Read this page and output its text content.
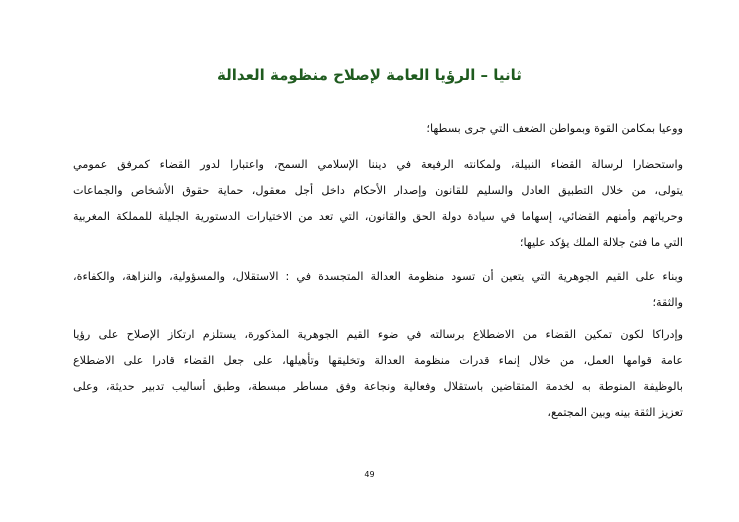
ثانيا – الرؤيا العامة لإصلاح منظومة العدالة

ووعيا بمكامن القوة وبمواطن الضعف التي جرى بسطها؛

واستحضارا لرسالة القضاء النبيلة، ولمكانته الرفيعة في ديننا الإسلامي السمح، واعتبارا لدور القضاء كمرفق عمومي
يتولى، من خلال التطبيق العادل والسليم للقانون وإصدار الأحكام داخل أجل معقول، حماية حقوق الأشخاص والجماعات
وحرياتهم وأمنهم القضائي، إسهاما في سيادة دولة الحق والقانون، التي تعد من الاختيارات الدستورية الجليلة للمملكة المغربية
التي ما فتئ جلالة الملك يؤكد عليها؛

وبناء على القيم الجوهرية التي يتعين أن تسود منظومة العدالة المتجسدة في : الاستقلال، والمسؤولية، والنزاهة، والكفاءة،
والثقة؛

وإدراكا لكون تمكين القضاء من الاضطلاع برسالته في ضوء القيم الجوهرية المذكورة، يستلزم ارتكاز الإصلاح على رؤيا
عامة قوامها العمل، من خلال إنماء قدرات منظومة العدالة وتخليقها وتأهيلها، على جعل القضاء قادرا على الاضطلاع
بالوظيفة المنوطة به لخدمة المتقاضين باستقلال وفعالية ونجاعة وفق مساطر مبسطة، وطبق أساليب تدبير حديثة، وعلى
تعزيز الثقة بينه وبين المجتمع،

49
